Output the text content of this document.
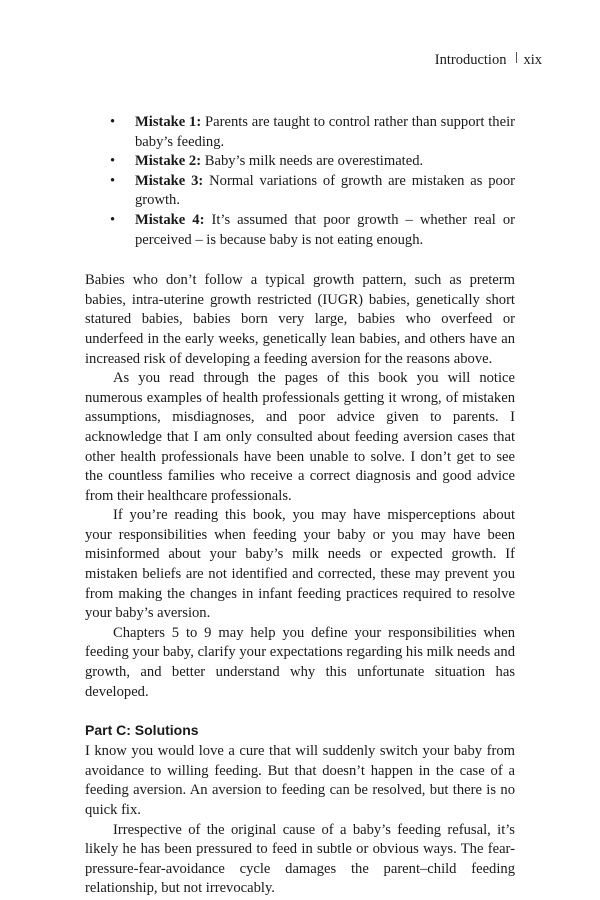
Introduction xix
• Mistake 1: Parents are taught to control rather than support their baby’s feeding.
• Mistake 2: Baby’s milk needs are overestimated.
• Mistake 3: Normal variations of growth are mistaken as poor growth.
• Mistake 4: It’s assumed that poor growth – whether real or perceived – is because baby is not eating enough.

Babies who don’t follow a typical growth pattern, such as preterm babies, intra-uterine growth restricted (IUGR) babies, genetically short statured babies, babies born very large, babies who overfeed or underfeed in the early weeks, genetically lean babies, and others have an increased risk of developing a feeding aversion for the reasons above.

As you read through the pages of this book you will notice numerous examples of health professionals getting it wrong, of mistaken assumptions, misdiagnoses, and poor advice given to parents. I acknowledge that I am only consulted about feeding aversion cases that other health professionals have been unable to solve. I don’t get to see the countless families who receive a correct diagnosis and good advice from their healthcare professionals.

If you’re reading this book, you may have misperceptions about your responsibilities when feeding your baby or you may have been misinformed about your baby’s milk needs or expected growth. If mistaken beliefs are not identified and corrected, these may prevent you from making the changes in infant feeding practices required to resolve your baby’s aversion.

Chapters 5 to 9 may help you define your responsibilities when feeding your baby, clarify your expectations regarding his milk needs and growth, and better understand why this unfortunate situation has developed.

Part C: Solutions

I know you would love a cure that will suddenly switch your baby from avoidance to willing feeding. But that doesn’t happen in the case of a feeding aversion. An aversion to feeding can be resolved, but there is no quick fix.

Irrespective of the original cause of a baby’s feeding refusal, it’s likely he has been pressured to feed in subtle or obvious ways. The fear-pressure-fear-avoidance cycle damages the parent–child feeding relationship, but not irrevocably.
